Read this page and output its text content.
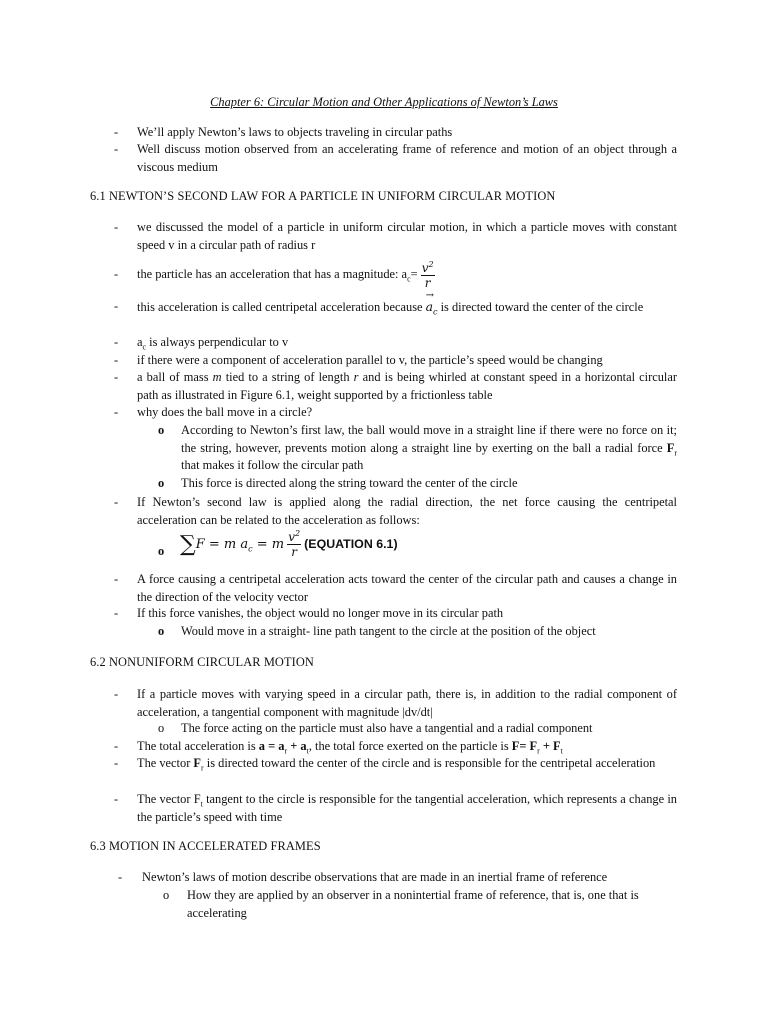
Chapter 6: Circular Motion and Other Applications of Newton’s Laws
-	We’ll apply Newton’s laws to objects traveling in circular paths
-	Well discuss motion observed from an accelerating frame of reference and motion of an object through a viscous medium
6.1 NEWTON’S SECOND LAW FOR A PARTICLE IN UNIFORM CIRCULAR MOTION
-	we discussed the model of a particle in uniform circular motion, in which a particle moves with constant speed v in a circular path of radius r
-	the particle has an acceleration that has a magnitude: $a_c= \frac{v^2}{r}$
-	this acceleration is called centripetal acceleration because
→
$a_c$ is directed toward the center of the circle
-	$a_c$ is always perpendicular to v
-	if there were a component of acceleration parallel to v, the particle’s speed would be changing
-	a ball of mass m tied to a string of length r and is being whirled at constant speed in a horizontal circular path as illustrated in Figure 6.1, weight supported by a frictionless table
-	why does the ball move in a circle?
o	According to Newton’s first law, the ball would move in a straight line if there were no force on it; the string, however, prevents motion along a straight line by exerting on the ball a radial force $F_r$ that makes it follow the circular path
o	This force is directed along the string toward the center of the circle
-	If Newton’s second law is applied along the radial direction, the net force causing the centripetal acceleration can be related to the acceleration as follows:
o ∑F = m $a_c = m \frac{v^2}{r}$ (EQUATION 6.1)
-	A force causing a centripetal acceleration acts toward the center of the circular path and causes a change in the direction of the velocity vector
-	If this force vanishes, the object would no longer move in its circular path
o	Would move in a straight- line path tangent to the circle at the position of the object
6.2 NONUNIFORM CIRCULAR MOTION
-	If a particle moves with varying speed in a circular path, there is, in addition to the radial component of acceleration, a tangential component with magnitude |dv/dt|
o	The force acting on the particle must also have a tangential and a radial component
-	The total acceleration is $a = a_r + a_t$, the total force exerted on the particle is $F= F_r + F_t$
-	The vector $F_r$ is directed toward the center of the circle and is responsible for the centripetal acceleration
-	The vector $F_t$ tangent to the circle is responsible for the tangential acceleration, which represents a change in the particle’s speed with time
6.3 MOTION IN ACCELERATED FRAMES
- Newton’s laws of motion describe observations that are made in an inertial frame of reference
o How they are applied by an observer in a nonintertial frame of reference, that is, one that is accelerating
